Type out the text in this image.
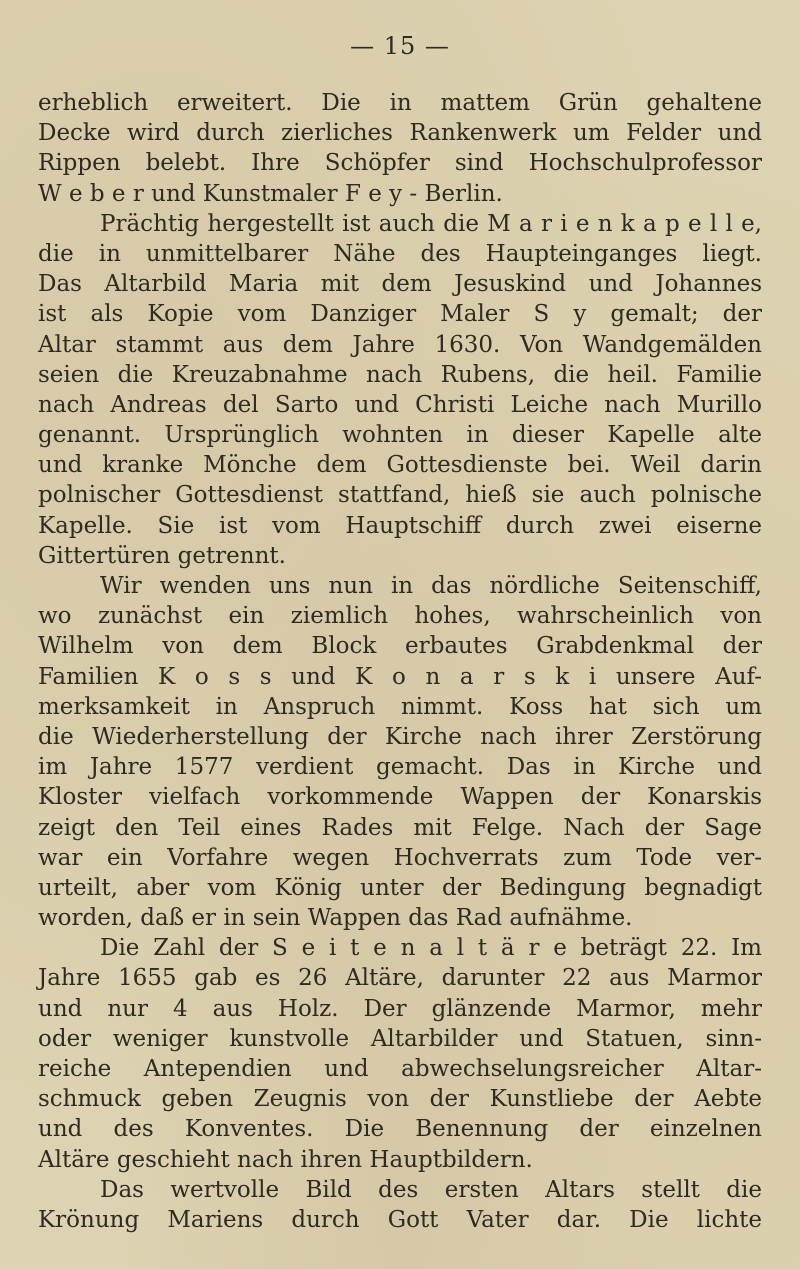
— 15 —
erheblich erweitert. Die in mattem Grün gehaltene
Decke wird durch zierliches Rankenwerk um Felder und
Rippen belebt. Ihre Schöpfer sind Hochschulprofessor
W e b e r und Kunstmaler F e y - Berlin.
Prächtig hergestellt ist auch die M a r i e n k a p e l l e,
die in unmittelbarer Nähe des Haupteinganges liegt.
Das Altarbild Maria mit dem Jesuskind und Johannes
ist als Kopie vom Danziger Maler S y gemalt; der
Altar stammt aus dem Jahre 1630. Von Wandgemälden
seien die Kreuzabnahme nach Rubens, die heil. Familie
nach Andreas del Sarto und Christi Leiche nach Murillo
genannt. Ursprünglich wohnten in dieser Kapelle alte
und kranke Mönche dem Gottesdienste bei. Weil darin
polnischer Gottesdienst stattfand, hieß sie auch polnische
Kapelle. Sie ist vom Hauptschiff durch zwei eiserne
Gittertüren getrennt.
Wir wenden uns nun in das nördliche Seitenschiff,
wo zunächst ein ziemlich hohes, wahrscheinlich von
Wilhelm von dem Block erbautes Grabdenkmal der
Familien K o s s und K o n a r s k i unsere Auf-
merksamkeit in Anspruch nimmt. Koss hat sich um
die Wiederherstellung der Kirche nach ihrer Zerstörung
im Jahre 1577 verdient gemacht. Das in Kirche und
Kloster vielfach vorkommende Wappen der Konarskis
zeigt den Teil eines Rades mit Felge. Nach der Sage
war ein Vorfahre wegen Hochverrats zum Tode ver-
urteilt, aber vom König unter der Bedingung begnadigt
worden, daß er in sein Wappen das Rad aufnähme.
Die Zahl der S e i t e n a l t ä r e beträgt 22. Im
Jahre 1655 gab es 26 Altäre, darunter 22 aus Marmor
und nur 4 aus Holz. Der glänzende Marmor, mehr
oder weniger kunstvolle Altarbilder und Statuen, sinn-
reiche Antependien und abwechselungsreicher Altar-
schmuck geben Zeugnis von der Kunstliebe der Aebte
und des Konventes. Die Benennung der einzelnen
Altäre geschieht nach ihren Hauptbildern.
Das wertvolle Bild des ersten Altars stellt die
Krönung Mariens durch Gott Vater dar. Die lichte
